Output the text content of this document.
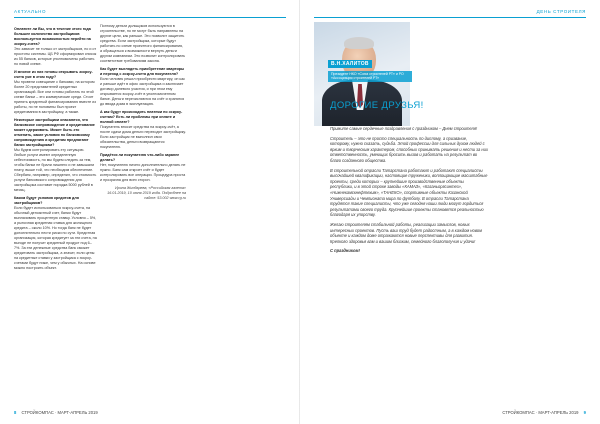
АКТУАЛЬНО
Оплатите ли Вы, что в течение этого года большее количество застройщиков воспользуется возможностью перейти на эскроу-счета?
Это зависит не только от застройщиков, но и от простоты системы. ЦБ РФ сформировал список из 55 банков, которые уполномочены работать по новой схеме.
И многие из них готовы открывать эскроу-счета уже в этом году?
Мы провели совещание с банками, на котором более 20 представителей кредитных организаций. Все они готовы работать по этой схеме банки – это коммерческие среди. Стоит принять кредитный финансированию вместе из работы, но не половины был проект кредитования в застройщику, а также.
Некоторые застройщики опасаются, что банковское сопровождение и кредитование может сдерживать. Может быть это отменить, какие условия по банковскому сопровождению и кредитам предлагают банки застройщикам?
Мы будем контролировать эту ситуацию. Любые услуги имеют определенную себестоимость, но мы будем следить за тем, чтобы банки не брали лишнего и не завышали плату, выше той, что необходим обеспечение. Сбербанк, например, определил, что стоимость услуги банковского сопровождения для застройщика составит порядка 5000 рублей в месяц.
Каким будут условия кредитов для застройщиков?
Если будет использоваться эскроу-счета, на обычный депозитный счет, банки будут выплачивать процентную ставку. Условно – 5%, а рыночная кредитная ставка для жилищного кредита – около 10%. Но тогда банк не будет дополнительно нести риски по сути. Кредитная организация, которая кредитует за эти счета, на выгоде не получит кредитный продукт под 6–7%. За эти денежные средства банк сможет кредитовать застройщика, а значит, если цены на кредитные ставки у застройщика с эскроу-счетами будут ниже, чем у обычных. На основе можно построить объект.
Поэтому деньги дольщиков используются в строительстве, но не могут быть направлены на другие цели, как раньше. Это позволит защитить средства. Если застройщика, которые будут работать по схеме проектного финансирования, а обращаться к возможности вернуть деньги другим компаниям. Это позволит контролировать соответствие требованиям закона.
Как будет выглядеть приобретение квартиры и переход с эскроу-счета для покупателя?
Если человек решил приобрести квартиру, он как и раньше идёт в офис застройщика и заключает договор долевого участия, и при этом ему открывается эскроу-счёт в уполномоченном банке. Деньги перечисляются на счёт и хранятся до ввода дома в эксплуатацию.
А как будут происходить платежи по эскроу-счетам? Есть ли проблемы при оплате и полной оплате?
Покупатель вносит средства на эскроу-счёт, а после сдачи дома деньги переходят застройщику. Если застройщик не выполнил свои обязательства, деньги возвращаются покупателю.
Придётся ли покупателю что-либо заранее делать?
Нет, покупателю ничего дополнительно делать не нужно. Банк сам откроет счёт и будет контролировать все операции. Процедура проста и прозрачна для всех сторон.
Ирина Жиндарева, «Российская газета» 16.01.2019, 10 июня 2019 года. Подробнее на сайте: 53.002 www.rg.ru
8 СТРОЙКОМПАС · МАРТ-АПРЕЛЬ 2019
ДЕНЬ СТРОИТЕЛЯ
В.Н.ХАЛИТОВ
Президент НКО «Союз строителей РТ» и РО «Ассоциация строителей РТ»
ДОРОГИЕ ДРУЗЬЯ!

Примите самые сердечные поздравления с праздником – Днем строителя!

Строитель – это не просто специальность по диплому, а призвание, которому, нужно сказать, судьба. Этой профессии для сильных духом людей с ярким и творческим характером, способных принимать решения и нести за них ответственность, умеющих бросить вызов и работать на результат во благо созданного общества.

В строительной отрасли Татарстана работают и работают специалисты высочайшей квалификации, настоящие труженики, воплощающие масштабные проекты, среди которых – крупнейшие производственные объекты республики, и в этой строке заводы «КАМАЗ», «Казаньоргсинтез», «Нижнекамскнефтехим», «ТАНЕКО», спортивные объекты Казанской Универсиады и Чемпионата мира по футболу. В отрасли Татарстана трудятся такие специалисты, что уже сегодня наши люди могут гордиться результатами своего труда. Крупнейшие проекты становятся реальностью благодаря их упорству.

Желаю строителям стабильной работы, реализации замыслов, новых интересных проектов. Пусть ваш труд будет радостным, а в каждом новом объекте и каждом доме отражаются новые перспективы для развития. Крепкого здоровья вам и вашим близким, семейного благополучия и удачи!

С праздником!
СТРОЙКОМПАС · МАРТ-АПРЕЛЬ 2019 9
